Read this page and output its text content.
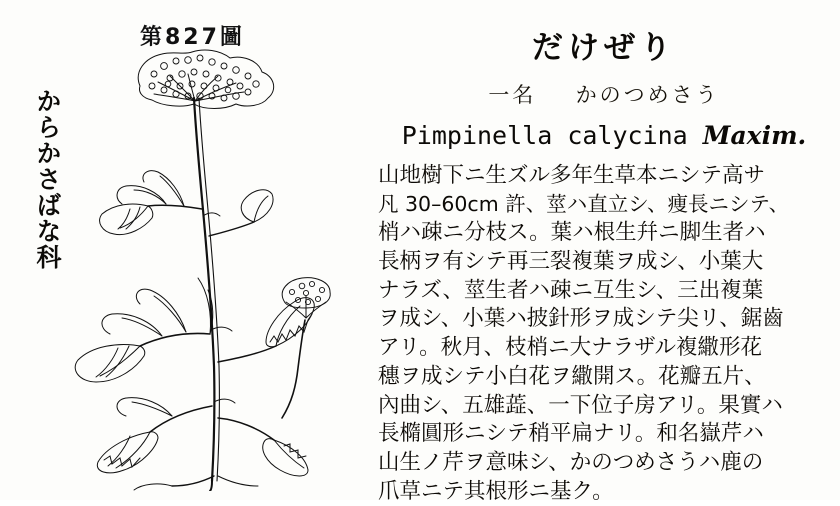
からかさばな科
第827圖	だけぜり
一名 かのつめさう
Pimpinella calycina Maxim.
山地樹下ニ生ズル多年生草本ニシテ高サ
凡 30–60cm 許、莖ハ直立シ、痩長ニシテ、
梢ハ疎ニ分枝ス。葉ハ根生幷ニ脚生者ハ
長柄ヲ有シテ再三裂複葉ヲ成シ、小葉大
ナラズ、莖生者ハ疎ニ互生シ、三出複葉
ヲ成シ、小葉ハ披針形ヲ成シテ尖リ、鋸齒
アリ。秋月、枝梢ニ大ナラザル複繖形花
穗ヲ成シテ小白花ヲ繖開ス。花瓣五片、
內曲シ、五雄蕋、一下位子房アリ。果實ハ
長橢圓形ニシテ稍平扁ナリ。和名嶽芹ハ
山生ノ芹ヲ意味シ、かのつめさうハ鹿の
爪草ニテ其根形ニ基ク。
